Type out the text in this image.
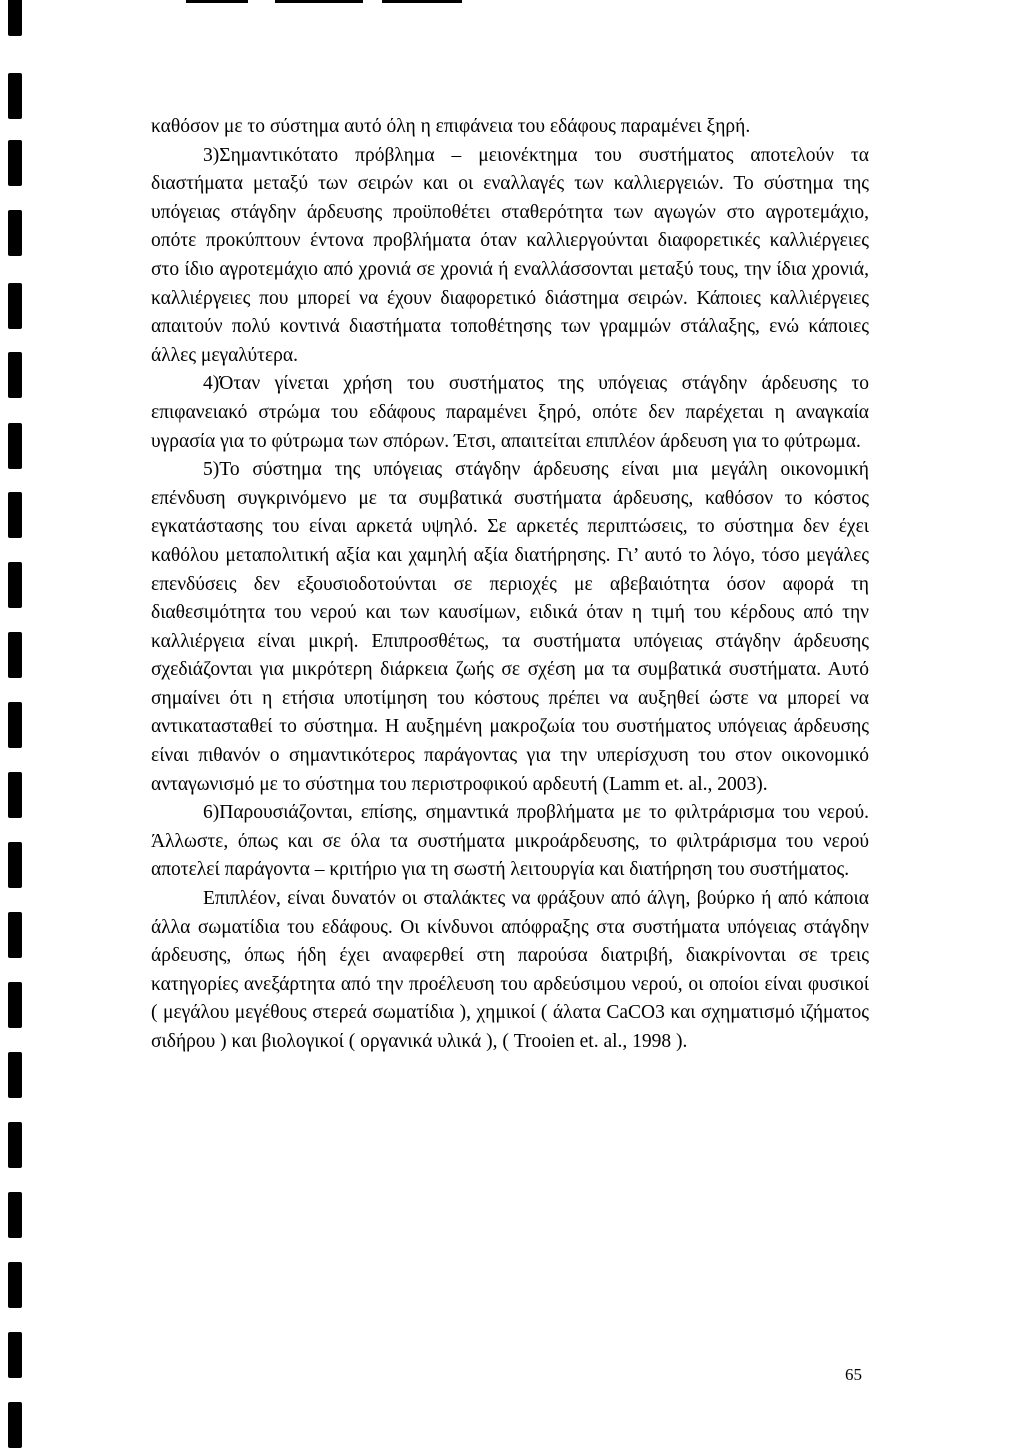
καθόσον με το σύστημα αυτό όλη η επιφάνεια του εδάφους παραμένει ξηρή.

3)Σημαντικότατο πρόβλημα – μειονέκτημα του συστήματος αποτελούν τα διαστήματα μεταξύ των σειρών και οι εναλλαγές των καλλιεργειών. Το σύστημα της υπόγειας στάγδην άρδευσης προϋποθέτει σταθερότητα των αγωγών στο αγροτεμάχιο, οπότε προκύπτουν έντονα προβλήματα όταν καλλιεργούνται διαφορετικές καλλιέργειες στο ίδιο αγροτεμάχιο από χρονιά σε χρονιά ή εναλλάσσονται μεταξύ τους, την ίδια χρονιά, καλλιέργειες που μπορεί να έχουν διαφορετικό διάστημα σειρών. Κάποιες καλλιέργειες απαιτούν πολύ κοντινά διαστήματα τοποθέτησης των γραμμών στάλαξης, ενώ κάποιες άλλες μεγαλύτερα.

4)Όταν γίνεται χρήση του συστήματος της υπόγειας στάγδην άρδευσης το επιφανειακό στρώμα του εδάφους παραμένει ξηρό, οπότε δεν παρέχεται η αναγκαία υγρασία για το φύτρωμα των σπόρων. Έτσι, απαιτείται επιπλέον άρδευση για το φύτρωμα.

5)Το σύστημα της υπόγειας στάγδην άρδευσης είναι μια μεγάλη οικονομική επένδυση συγκρινόμενο με τα συμβατικά συστήματα άρδευσης, καθόσον το κόστος εγκατάστασης του είναι αρκετά υψηλό. Σε αρκετές περιπτώσεις, το σύστημα δεν έχει καθόλου μεταπολιτική αξία και χαμηλή αξία διατήρησης. Γι’ αυτό το λόγο, τόσο μεγάλες επενδύσεις δεν εξουσιοδοτούνται σε περιοχές με αβεβαιότητα όσον αφορά τη διαθεσιμότητα του νερού και των καυσίμων, ειδικά όταν η τιμή του κέρδους από την καλλιέργεια είναι μικρή. Επιπροσθέτως, τα συστήματα υπόγειας στάγδην άρδευσης σχεδιάζονται για μικρότερη διάρκεια ζωής σε σχέση μα τα συμβατικά συστήματα. Αυτό σημαίνει ότι η ετήσια υποτίμηση του κόστους πρέπει να αυξηθεί ώστε να μπορεί να αντικατασταθεί το σύστημα. Η αυξημένη μακροζωία του συστήματος υπόγειας άρδευσης είναι πιθανόν ο σημαντικότερος παράγοντας για την υπερίσχυση του στον οικονομικό ανταγωνισμό με το σύστημα του περιστροφικού αρδευτή (Lamm et. al., 2003).

6)Παρουσιάζονται, επίσης, σημαντικά προβλήματα με το φιλτράρισμα του νερού. Άλλωστε, όπως και σε όλα τα συστήματα μικροάρδευσης, το φιλτράρισμα του νερού αποτελεί παράγοντα – κριτήριο για τη σωστή λειτουργία και διατήρηση του συστήματος.

Επιπλέον, είναι δυνατόν οι σταλάκτες να φράξουν από άλγη, βούρκο ή από κάποια άλλα σωματίδια του εδάφους. Οι κίνδυνοι απόφραξης στα συστήματα υπόγειας στάγδην άρδευσης, όπως ήδη έχει αναφερθεί στη παρούσα διατριβή, διακρίνονται σε τρεις κατηγορίες ανεξάρτητα από την προέλευση του αρδεύσιμου νερού, οι οποίοι είναι φυσικοί ( μεγάλου μεγέθους στερεά σωματίδια ), χημικοί ( άλατα CaCO3 και σχηματισμό ιζήματος σιδήρου ) και βιολογικοί ( οργανικά υλικά ), ( Trooien et. al., 1998 ).

65
